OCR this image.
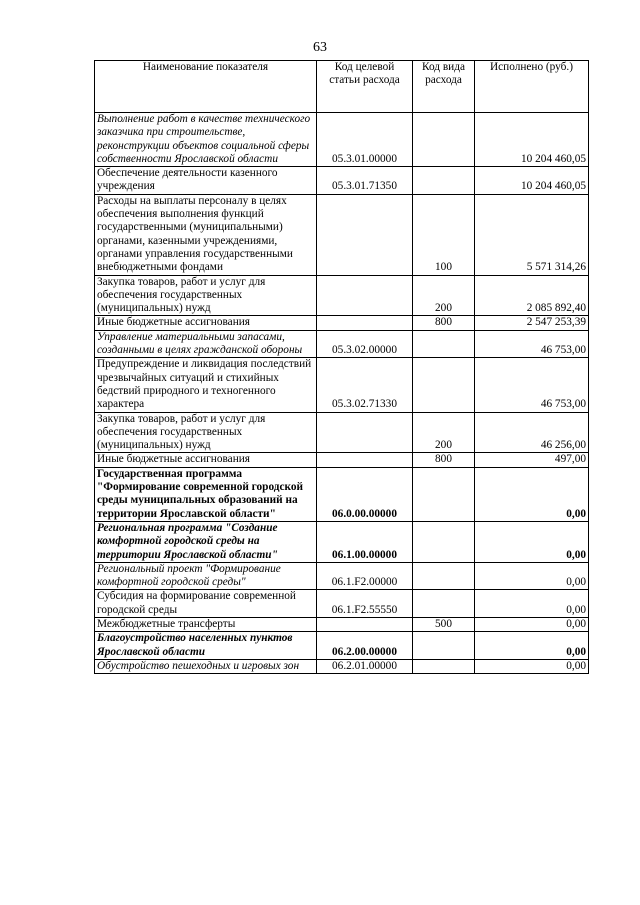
63
Наименование показателя	Код целевой статьи расхода	Код вида расхода	Исполнено (руб.)
Выполнение работ в качестве технического заказчика при строительстве, реконструкции объектов социальной сферы собственности Ярославской области	05.3.01.00000		10 204 460,05
Обеспечение деятельности казенного учреждения	05.3.01.71350		10 204 460,05
Расходы на выплаты персоналу в целях обеспечения выполнения функций государственными (муниципальными) органами, казенными учреждениями, органами управления государственными внебюджетными фондами		100	5 571 314,26
Закупка товаров, работ и услуг для обеспечения государственных (муниципальных) нужд		200	2 085 892,40
Иные бюджетные ассигнования		800	2 547 253,39
Управление материальными запасами, созданными в целях гражданской обороны	05.3.02.00000		46 753,00
Предупреждение и ликвидация последствий чрезвычайных ситуаций и стихийных бедствий природного и техногенного характера	05.3.02.71330		46 753,00
Закупка товаров, работ и услуг для обеспечения государственных (муниципальных) нужд		200	46 256,00
Иные бюджетные ассигнования		800	497,00
Государственная программа "Формирование современной городской среды муниципальных образований на территории Ярославской области"	06.0.00.00000		0,00
Региональная программа "Создание комфортной городской среды на территории Ярославской области"	06.1.00.00000		0,00
Региональный проект "Формирование комфортной городской среды"	06.1.F2.00000		0,00
Субсидия на формирование современной городской среды	06.1.F2.55550		0,00
Межбюджетные трансферты		500	0,00
Благоустройство населенных пунктов Ярославской области	06.2.00.00000		0,00
Обустройство пешеходных и игровых зон	06.2.01.00000		0,00
